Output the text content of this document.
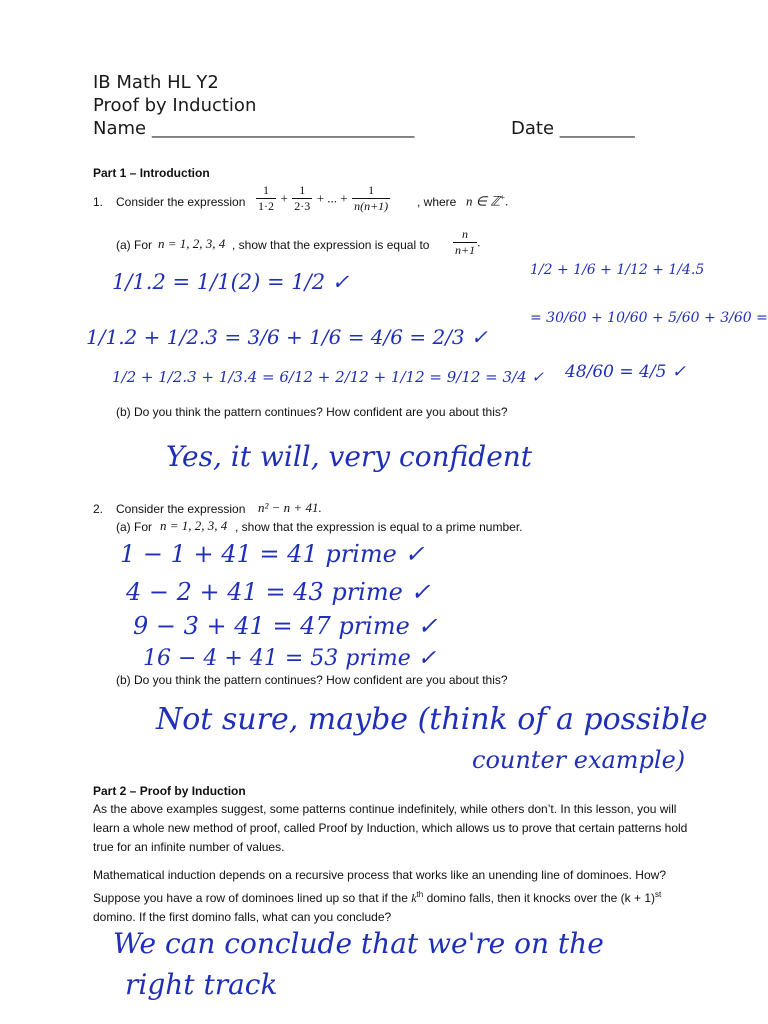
IB Math HL Y2
Proof by Induction
Name ___________________________________	Date __________
Part 1 – Introduction
1. Consider the expression $\frac{1}{1\cdot 2} + \frac{1}{2\cdot 3}$ + ... + $\frac{1}{n(n+1)}$ , where n ∈ ℤ+.
(a) For n = 1, 2, 3, 4 , show that the expression is equal to $\frac{n}{n+1}$ .
1/1.2 = 1/1(2) = 1/2 ✓
1/1.2 + 1/2.3 = 3/6 + 1/6 = 4/6 = 2/3 ✓
1/2 + 1/2.3 + 1/3.4 = 6/12 + 2/12 + 1/12 = 9/12 = 3/4 ✓
1/2 + 1/6 + 1/12 + 1/4.5
= 30/60 + 10/60 + 5/60 + 3/60 =
48/60 = 4/5 ✓
(b) Do you think the pattern continues? How confident are you about this?
Yes, it will, very confident
2. Consider the expression n² − n + 41.
(a) For n = 1, 2, 3, 4 , show that the expression is equal to a prime number.
1 − 1 + 41 = 41 prime ✓
4 − 2 + 41 = 43 prime ✓
9 − 3 + 41 = 47 prime ✓
16 − 4 + 41 = 53 prime ✓
(b) Do you think the pattern continues? How confident are you about this?
Not sure, maybe (think of a possible
counter example)
Part 2 – Proof by Induction
As the above examples suggest, some patterns continue indefinitely, while others don’t. In this lesson, you will learn a whole new method of proof, called Proof by Induction, which allows us to prove that certain patterns hold true for an infinite number of values.
Mathematical induction depends on a recursive process that works like an unending line of dominoes. How? Suppose you have a row of dominoes lined up so that if the $k^{th}$ domino falls, then it knocks over the $(k + 1)^{st}$ domino. If the first domino falls, what can you conclude?
We can conclude that we're on the
right track
